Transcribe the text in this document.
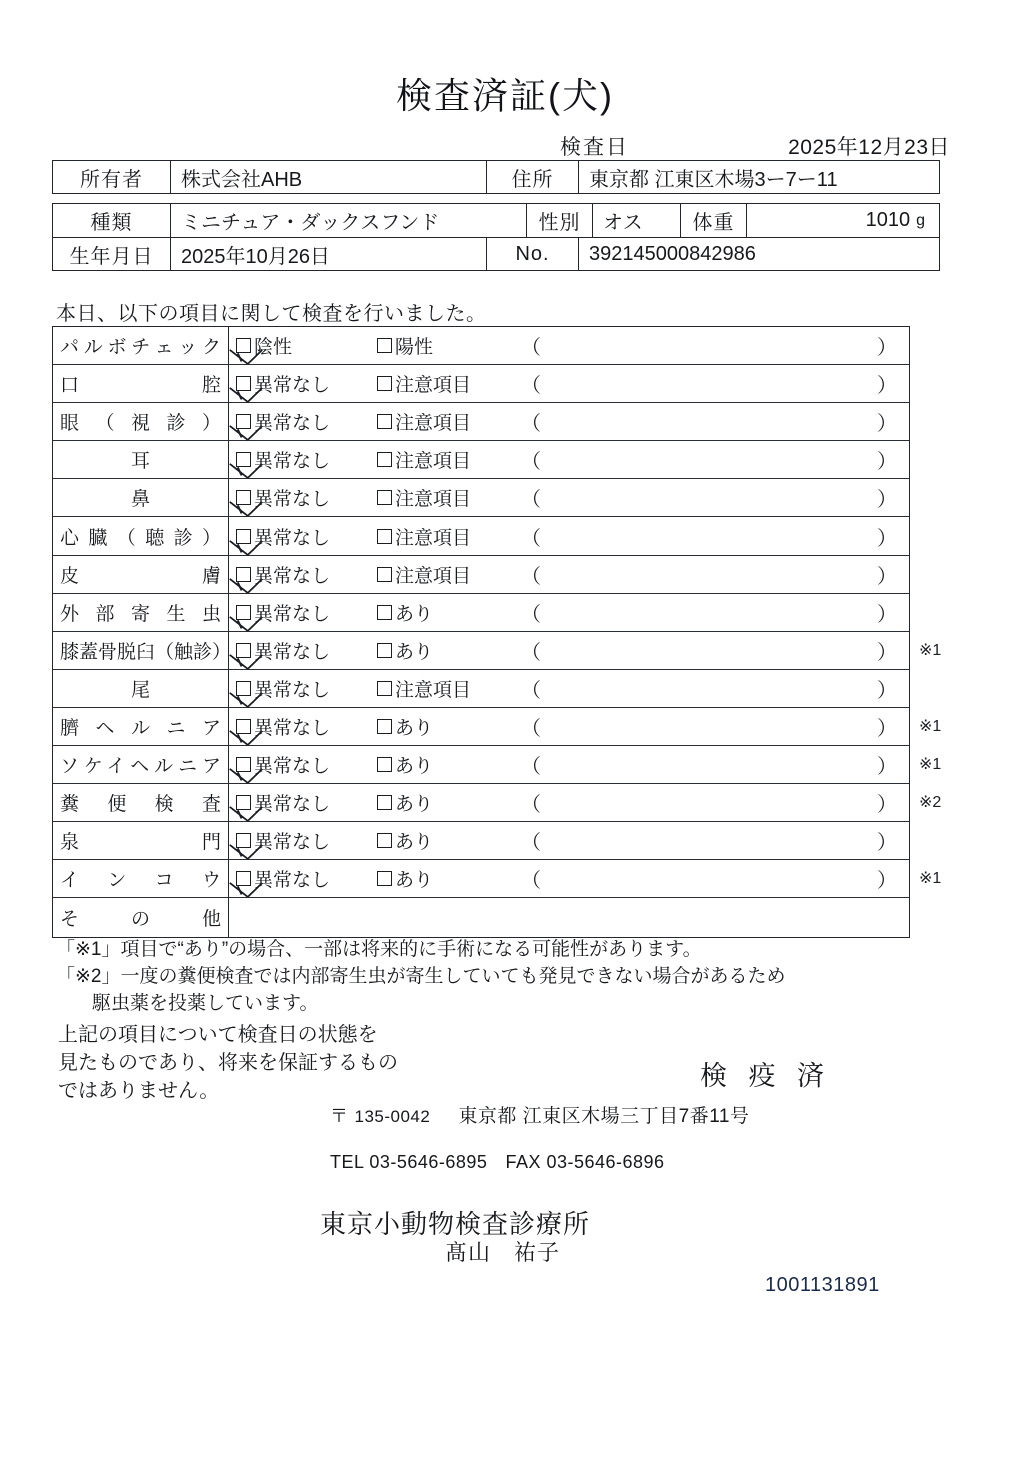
検査済証(犬)
検査日	2025年12月23日
所有者	株式会社AHB	住所	東京都 江東区木場3ー7ー11
種類	ミニチュア・ダックスフンド	性別	オス	体重	1010 g
生年月日	2025年10月26日	No.	392145000842986
本日、以下の項目に関して検査を行いました。
パルボチェック 陰性	陽性	（	）
口　　　　　腔 異常なし	注意項目 （	）
眼（視診） 異常なし	注意項目 （	）
耳	異常なし	注意項目 （	）
鼻	異常なし	注意項目 （	）
心臓（聴診） 異常なし	注意項目 （	）
皮　　　　　膚 異常なし	注意項目 （	）
外部寄生虫 異常なし	あり	（	）
膝蓋骨脱臼（触診） 異常なし	あり	（	） ※1
尾	異常なし	注意項目 （	）
臍ヘルニア 異常なし	あり	（	） ※1
ソケイヘルニア 異常なし	あり	（	） ※1
糞便検査 異常なし	あり	（	） ※2
泉　　　　　門 異常なし	あり	（	）
インコウ 異常なし	あり	（	） ※1
その他
「※1」項目で“あり”の場合、一部は将来的に手術になる可能性があります。
「※2」一度の糞便検査では内部寄生虫が寄生していても発見できない場合があるため
駆虫薬を投薬しています。
上記の項目について検査日の状態を
見たものであり、将来を保証するもの
ではありません。	検 疫 済
〒 135-0042 東京都 江東区木場三丁目7番11号
TEL 03-5646-6895 FAX 03-5646-6896
東京小動物検査診療所
髙山　祐子
1001131891
